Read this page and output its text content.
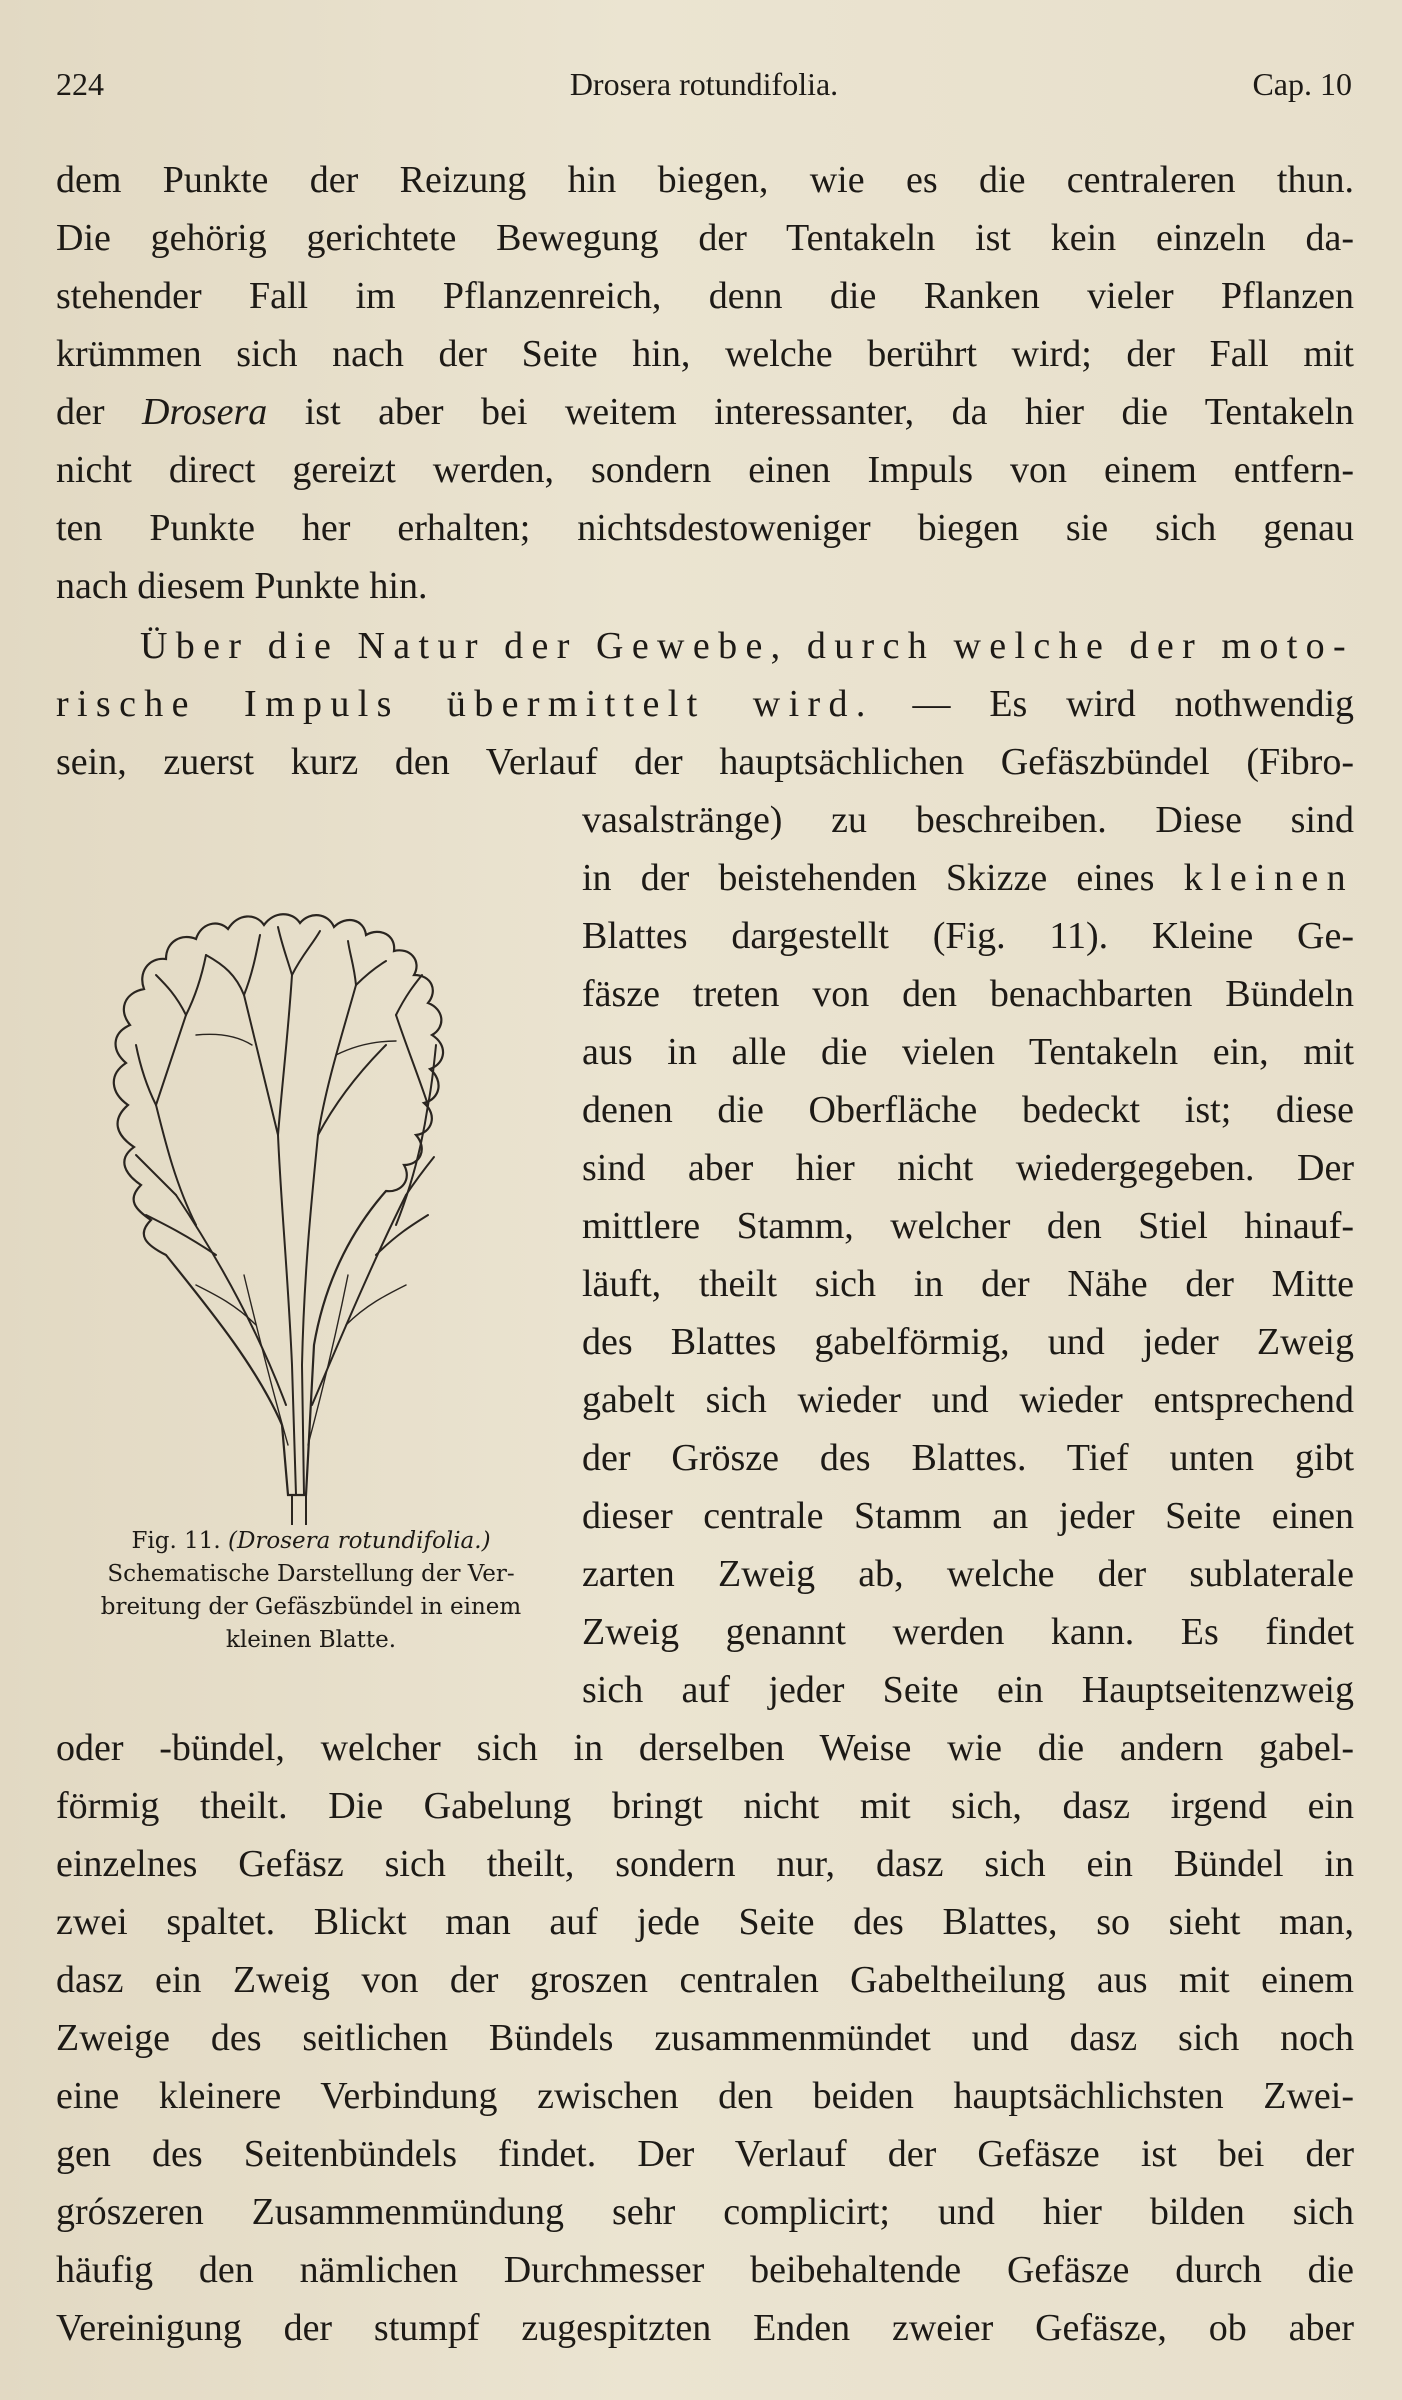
224	Drosera rotundifolia.	Cap. 10
dem Punkte der Reizung hin biegen, wie es die centraleren thun.
Die gehörig gerichtete Bewegung der Tentakeln ist kein einzeln da-
stehender Fall im Pflanzenreich, denn die Ranken vieler Pflanzen
krümmen sich nach der Seite hin, welche berührt wird; der Fall mit
der Drosera ist aber bei weitem interessanter, da hier die Tentakeln
nicht direct gereizt werden, sondern einen Impuls von einem entfern-
ten Punkte her erhalten; nichtsdestoweniger biegen sie sich genau
nach diesem Punkte hin.
Über die Natur der Gewebe, durch welche der moto-
rische Impuls übermittelt wird. — Es wird nothwendig
sein, zuerst kurz den Verlauf der hauptsächlichen Gefäszbündel (Fibro-
vasalstränge) zu beschreiben. Diese sind
in der beistehenden Skizze eines kleinen
Blattes dargestellt (Fig. 11). Kleine Ge-
fäsze treten von den benachbarten Bündeln
aus in alle die vielen Tentakeln ein, mit
denen die Oberfläche bedeckt ist; diese
sind aber hier nicht wiedergegeben. Der
mittlere Stamm, welcher den Stiel hinauf-
läuft, theilt sich in der Nähe der Mitte
des Blattes gabelförmig, und jeder Zweig
gabelt sich wieder und wieder entsprechend
der Grösze des Blattes. Tief unten gibt
dieser centrale Stamm an jeder Seite einen
zarten Zweig ab, welche der sublaterale
Zweig genannt werden kann. Es findet
sich auf jeder Seite ein Hauptseitenzweig
oder -bündel, welcher sich in derselben Weise wie die andern gabel-
förmig theilt. Die Gabelung bringt nicht mit sich, dasz irgend ein
einzelnes Gefäsz sich theilt, sondern nur, dasz sich ein Bündel in
zwei spaltet. Blickt man auf jede Seite des Blattes, so sieht man,
dasz ein Zweig von der groszen centralen Gabeltheilung aus mit einem
Zweige des seitlichen Bündels zusammenmündet und dasz sich noch
eine kleinere Verbindung zwischen den beiden hauptsächlichsten Zwei-
gen des Seitenbündels findet. Der Verlauf der Gefäsze ist bei der
grószeren Zusammenmündung sehr complicirt; und hier bilden sich
häufig den nämlichen Durchmesser beibehaltende Gefäsze durch die
Vereinigung der stumpf zugespitzten Enden zweier Gefäsze, ob aber
Fig. 11. (Drosera rotundifolia.)
Schematische Darstellung der Ver-
breitung der Gefäszbündel in einem
kleinen Blatte.
